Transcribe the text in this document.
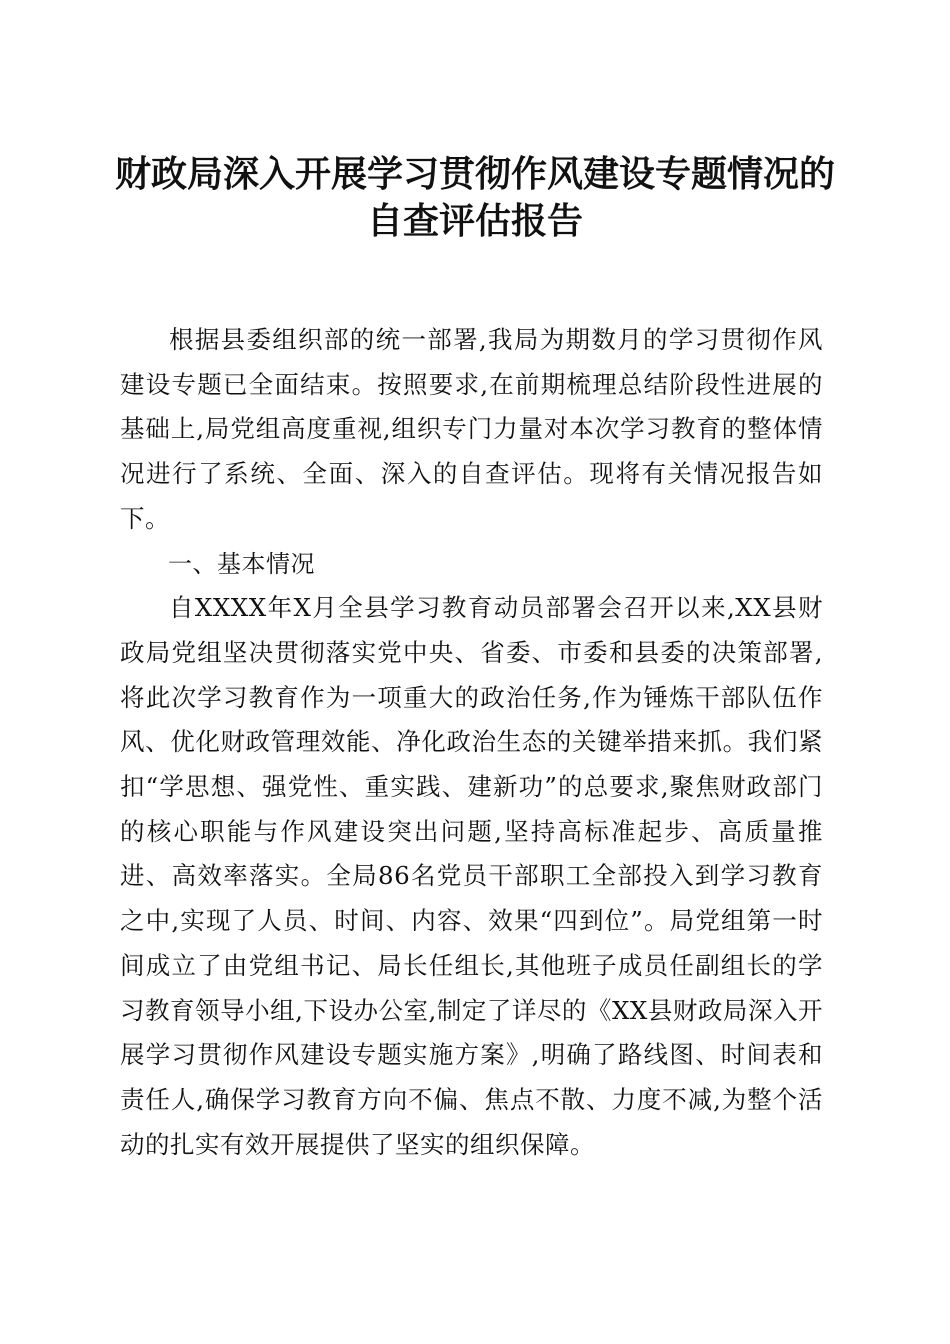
财政局深入开展学习贯彻作风建设专题情况的
自查评估报告

根据县委组织部的统一部署,我局为期数月的学习贯彻作风建设专题已全面结束。按照要求,在前期梳理总结阶段性进展的基础上,局党组高度重视,组织专门力量对本次学习教育的整体情况进行了系统、全面、深入的自查评估。现将有关情况报告如下。

一、基本情况

自XXXX年X月全县学习教育动员部署会召开以来,XX县财政局党组坚决贯彻落实党中央、省委、市委和县委的决策部署,将此次学习教育作为一项重大的政治任务,作为锤炼干部队伍作风、优化财政管理效能、净化政治生态的关键举措来抓。我们紧扣“学思想、强党性、重实践、建新功”的总要求,聚焦财政部门的核心职能与作风建设突出问题,坚持高标准起步、高质量推进、高效率落实。全局86名党员干部职工全部投入到学习教育之中,实现了人员、时间、内容、效果“四到位”。局党组第一时间成立了由党组书记、局长任组长,其他班子成员任副组长的学习教育领导小组,下设办公室,制定了详尽的《XX县财政局深入开展学习贯彻作风建设专题实施方案》,明确了路线图、时间表和责任人,确保学习教育方向不偏、焦点不散、力度不减,为整个活动的扎实有效开展提供了坚实的组织保障。
